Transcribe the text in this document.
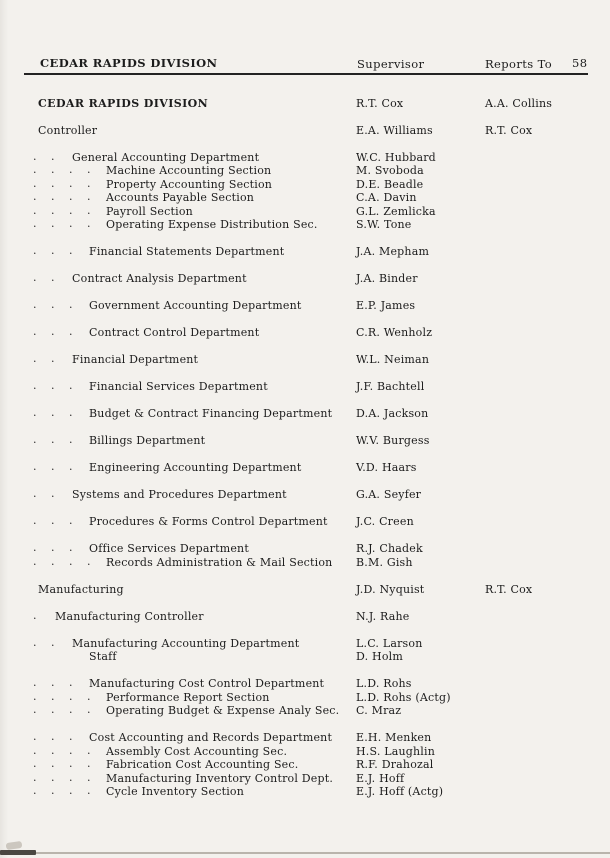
CEDAR RAPIDS DIVISION	Supervisor	Reports To 58
CEDAR RAPIDS DIVISION	R.T. Cox	A.A. Collins
Controller	E.A. Williams	R.T. Cox
. . General Accounting Department	W.C. Hubbard
. . . . Machine Accounting Section	M. Svoboda
. . . . Property Accounting Section	D.E. Beadle
. . . . Accounts Payable Section	C.A. Davin
. . . . Payroll Section	G.L. Zemlicka
. . . . Operating Expense Distribution Sec.	S.W. Tone
. . . Financial Statements Department	J.A. Mepham
. . Contract Analysis Department	J.A. Binder
. . . Government Accounting Department	E.P. James
. . . Contract Control Department	C.R. Wenholz
. . Financial Department	W.L. Neiman
. . . Financial Services Department	J.F. Bachtell
. . . Budget & Contract Financing Department D.A. Jackson
. . . Billings Department	W.V. Burgess
. . . Engineering Accounting Department	V.D. Haars
. . Systems and Procedures Department	G.A. Seyfer
. . . Procedures & Forms Control Department	J.C. Creen
. . . Office Services Department	R.J. Chadek
. . . . Records Administration & Mail Section B.M. Gish
Manufacturing	J.D. Nyquist	R.T. Cox
. Manufacturing Controller	N.J. Rahe
. . Manufacturing Accounting Department	L.C. Larson
Staff	D. Holm
. . . Manufacturing Cost Control Department	L.D. Rohs
. . . . Performance Report Section	L.D. Rohs (Actg)
. . . . Operating Budget & Expense Analy Sec. C. Mraz
. . . Cost Accounting and Records Department E.H. Menken
. . . . Assembly Cost Accounting Sec.	H.S. Laughlin
. . . . Fabrication Cost Accounting Sec.	R.F. Drahozal
. . . . Manufacturing Inventory Control Dept. E.J. Hoff
. . . . Cycle Inventory Section	E.J. Hoff (Actg)
